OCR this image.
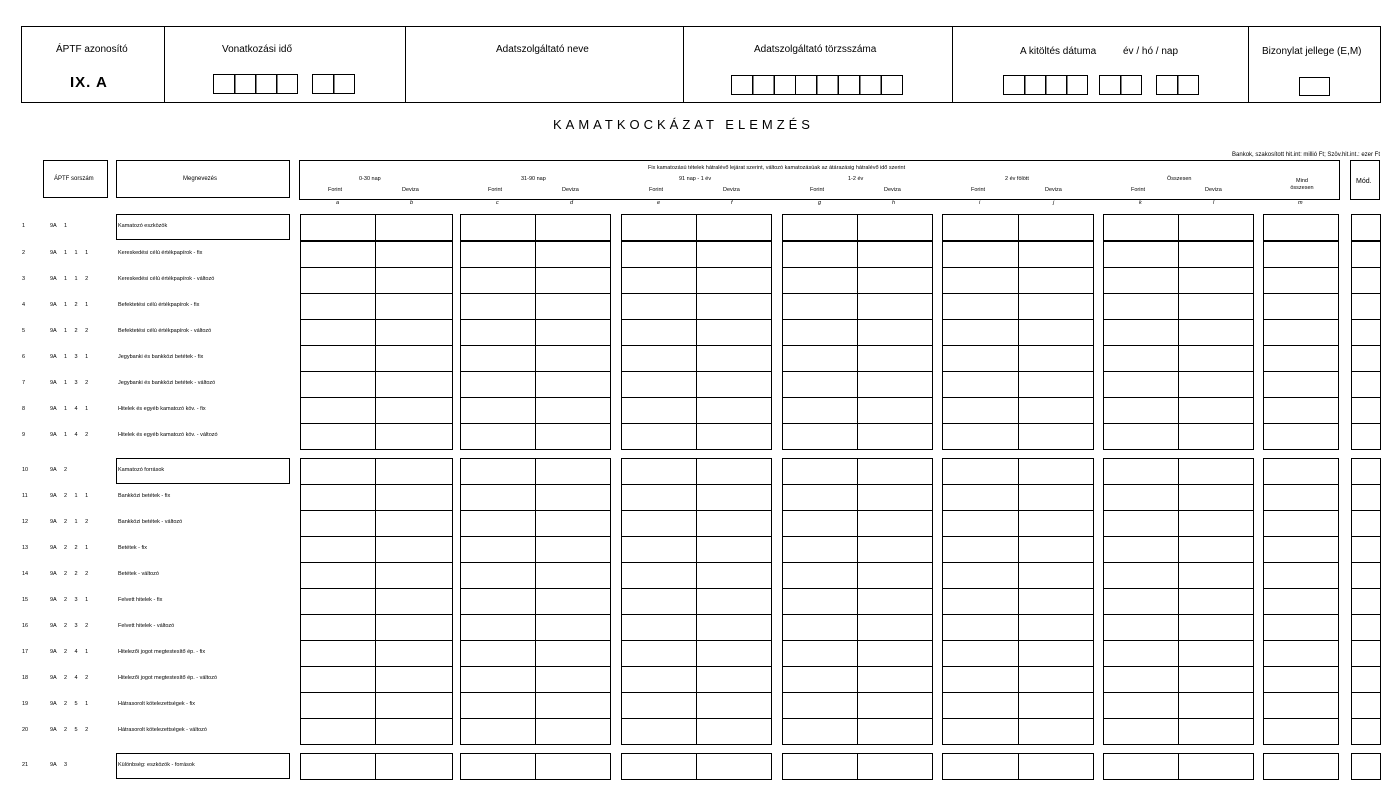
ÁPTF azonosító
IX. A
Vonatkozási idő	Adatszolgáltató neve	Adatszolgáltató törzsszáma	A kitöltés dátuma	év / hó / nap	Bizonylat jellege (E,M)
KAMATKOCKÁZAT ELEMZÉS
Bankok, szakosított hit.int: millió Ft; Szöv.hit.int.: ezer Ft
ÁPTF sorszám	Megnevezés
Fix kamatozású tételek hátralévő lejárat szerint, változó kamatozásúak az átárazásig hátralévő idő szerint
Mód.
0-30 nap	31-90 nap	91 nap - 1 év	1-2 év	2 év fölött	Összesen	Mind összesen
Forint	Deviza	Forint	Deviza	Forint	Deviza	Forint	Deviza	Forint	Deviza	Forint	Deviza
a	b	c	d	e	f	g	h	i	j	k	l	m
1	9A 1	Kamatozó eszközök
2	9A 1 1 1	Kereskedési célú értékpapírok - fix
3	9A 1 1 2	Kereskedési célú értékpapírok - változó
4	9A 1 2 1	Befektetési célú értékpapírok - fix
5	9A 1 2 2	Befektetési célú értékpapírok - változó
6	9A 1 3 1	Jegybanki és bankközi betétek - fix
7	9A 1 3 2	Jegybanki és bankközi betétek - változó
8	9A 1 4 1	Hitelek és egyéb kamatozó köv. - fix
9	9A 1 4 2	Hitelek és egyéb kamatozó köv. - változó
10	9A 2	Kamatozó források
11	9A 2 1 1	Bankközi betétek - fix
12	9A 2 1 2	Bankközi betétek - változó
13	9A 2 2 1	Betétek - fix
14	9A 2 2 2	Betétek - változó
15	9A 2 3 1	Felvett hitelek - fix
16	9A 2 3 2	Felvett hitelek - változó
17	9A 2 4 1	Hitelezői jogot megtestesítő ép. - fix
18	9A 2 4 2	Hitelezői jogot megtestesítő ép. - változó
19	9A 2 5 1	Hátrasorolt kötelezettségek - fix
20	9A 2 5 2	Hátrasorolt kötelezettségek - változó
21	9A 3	Különbség: eszközök - források
